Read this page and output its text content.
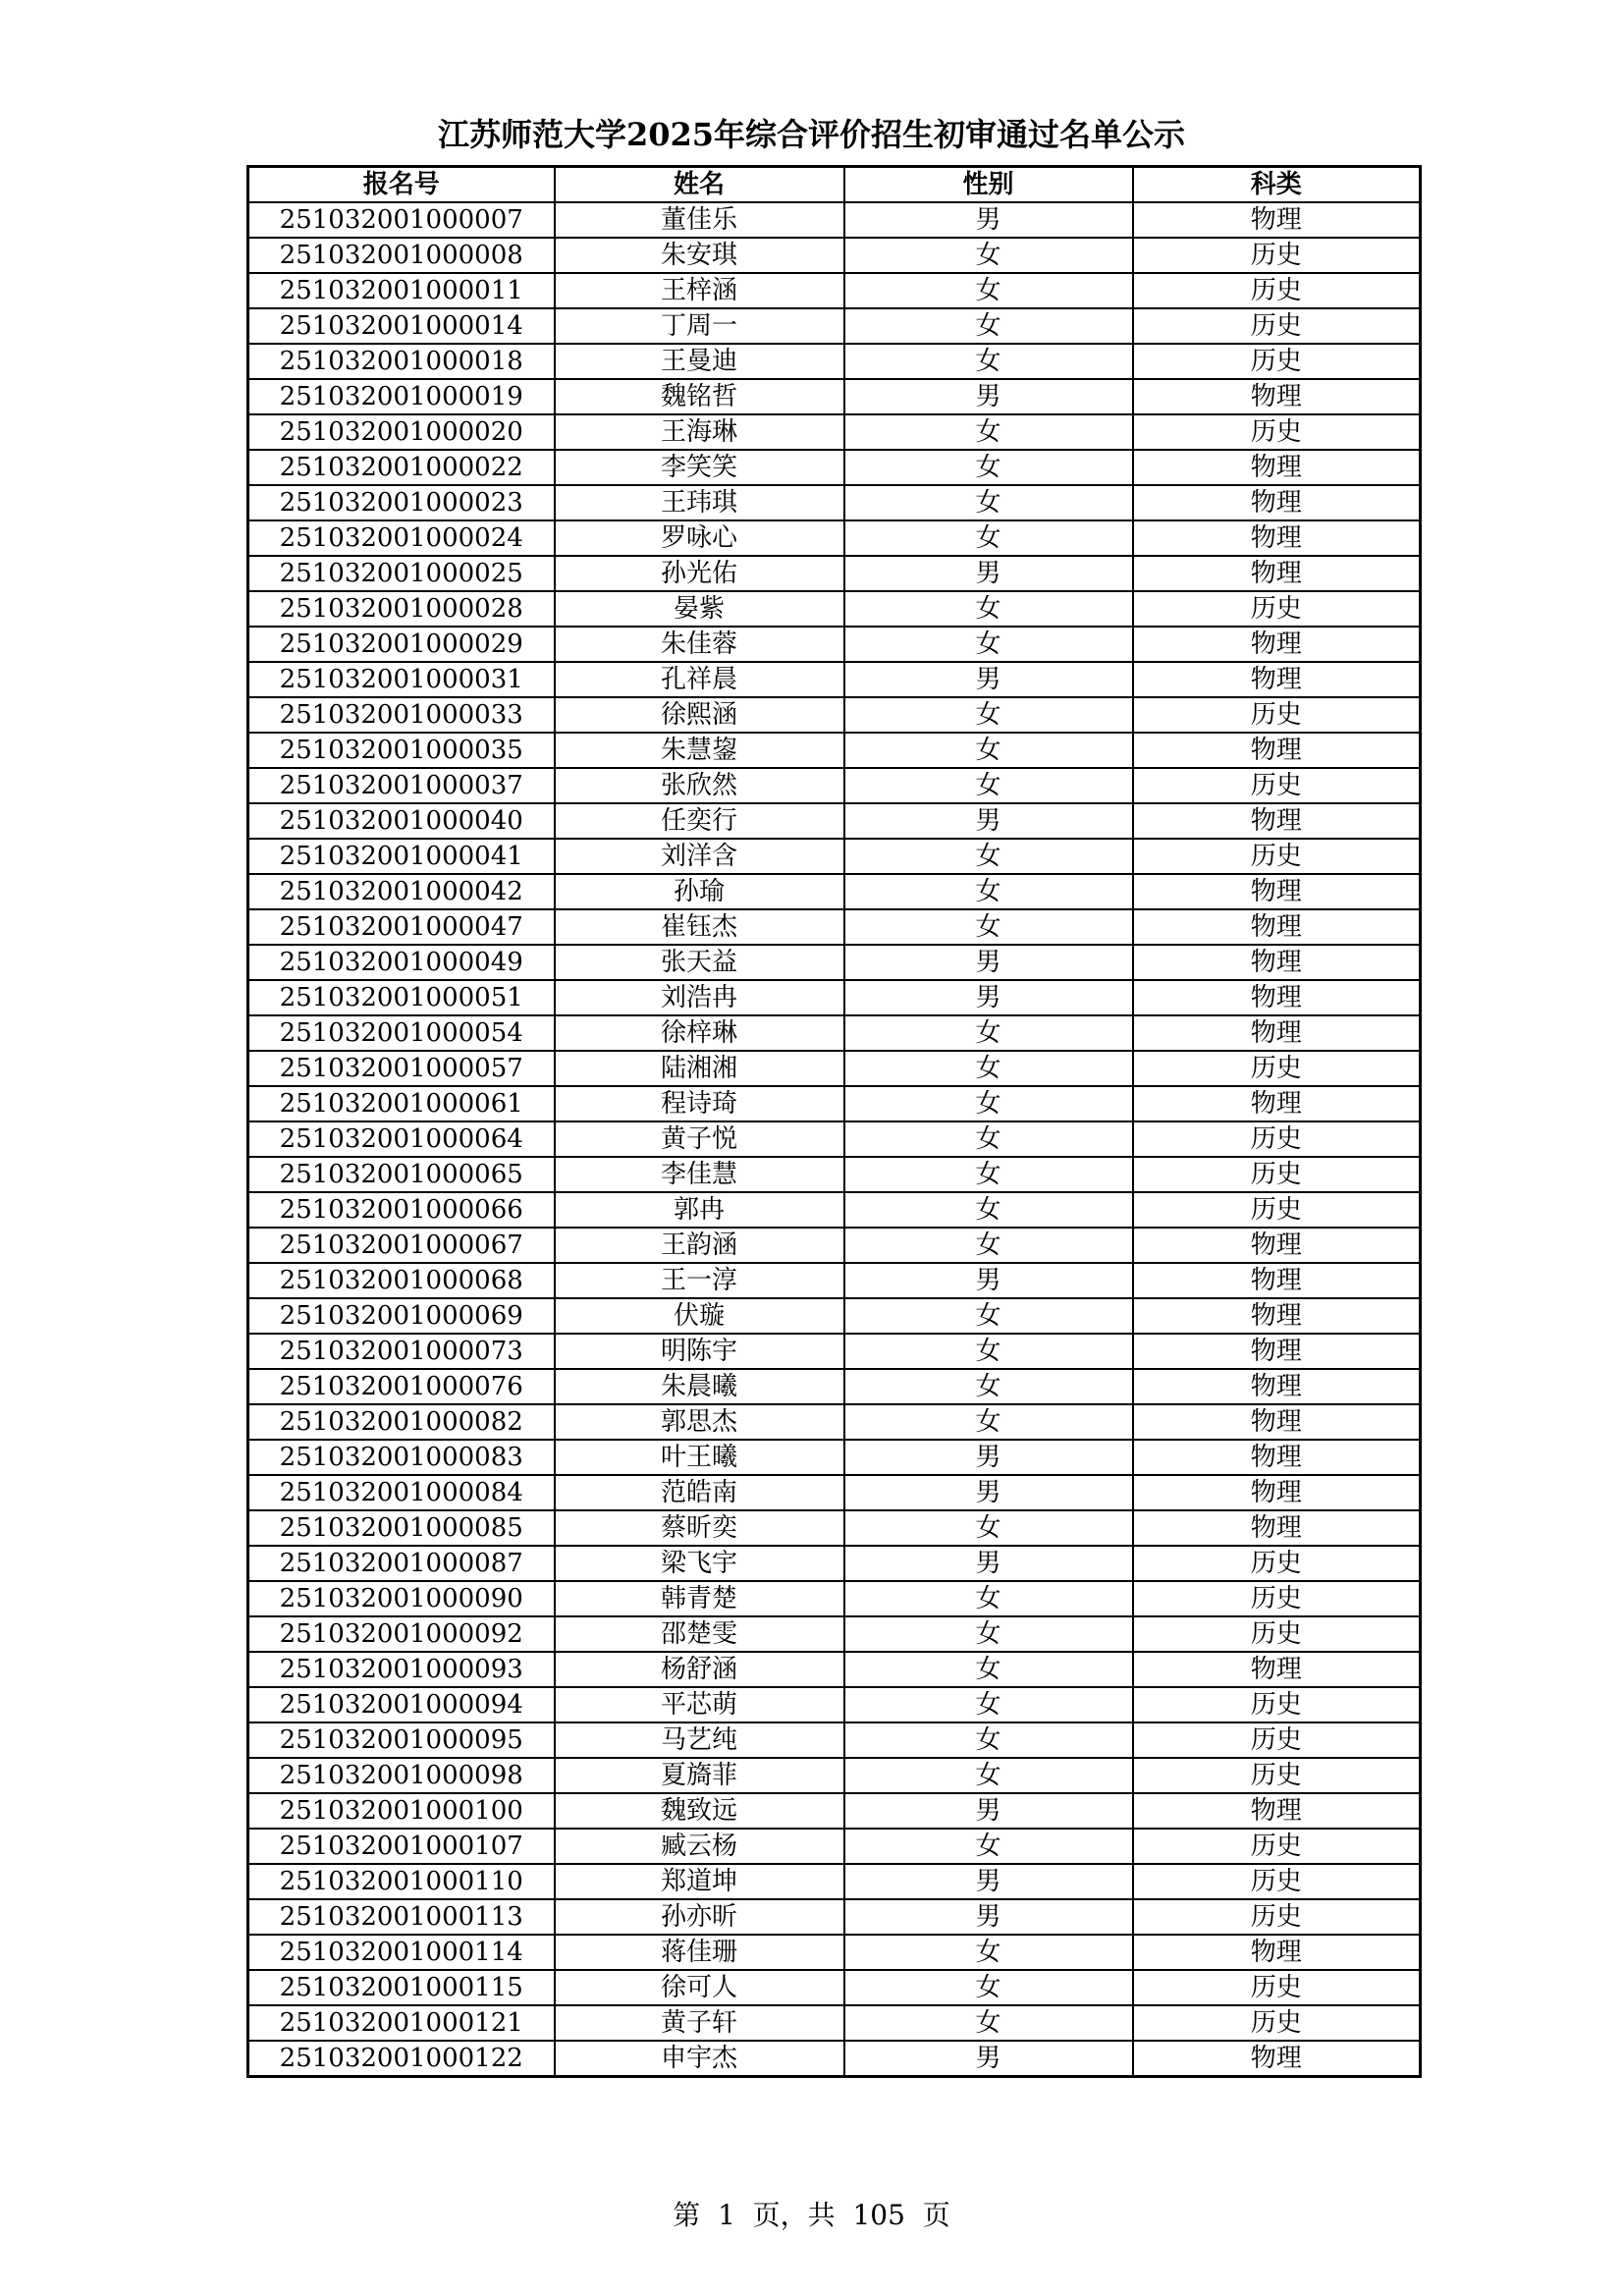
江苏师范大学2025年综合评价招生初审通过名单公示
报名号	姓名	性别	科类
251032001000007	董佳乐	男	物理
251032001000008	朱安琪	女	历史
251032001000011	王梓涵	女	历史
251032001000014	丁周一	女	历史
251032001000018	王曼迪	女	历史
251032001000019	魏铭哲	男	物理
251032001000020	王海琳	女	历史
251032001000022	李笑笑	女	物理
251032001000023	王玮琪	女	物理
251032001000024	罗咏心	女	物理
251032001000025	孙光佑	男	物理
251032001000028	晏紫	女	历史
251032001000029	朱佳蓉	女	物理
251032001000031	孔祥晨	男	物理
251032001000033	徐熙涵	女	历史
251032001000035	朱慧鋆	女	物理
251032001000037	张欣然	女	历史
251032001000040	任奕行	男	物理
251032001000041	刘洋含	女	历史
251032001000042	孙瑜	女	物理
251032001000047	崔钰杰	女	物理
251032001000049	张天益	男	物理
251032001000051	刘浩冉	男	物理
251032001000054	徐梓琳	女	物理
251032001000057	陆湘湘	女	历史
251032001000061	程诗琦	女	物理
251032001000064	黄子悦	女	历史
251032001000065	李佳慧	女	历史
251032001000066	郭冉	女	历史
251032001000067	王韵涵	女	物理
251032001000068	王一淳	男	物理
251032001000069	伏璇	女	物理
251032001000073	明陈宇	女	物理
251032001000076	朱晨曦	女	物理
251032001000082	郭思杰	女	物理
251032001000083	叶王曦	男	物理
251032001000084	范皓南	男	物理
251032001000085	蔡昕奕	女	物理
251032001000087	梁飞宇	男	历史
251032001000090	韩青楚	女	历史
251032001000092	邵楚雯	女	历史
251032001000093	杨舒涵	女	物理
251032001000094	平芯萌	女	历史
251032001000095	马艺纯	女	历史
251032001000098	夏旖菲	女	历史
251032001000100	魏致远	男	物理
251032001000107	臧云杨	女	历史
251032001000110	郑道坤	男	历史
251032001000113	孙亦昕	男	历史
251032001000114	蒋佳珊	女	物理
251032001000115	徐可人	女	历史
251032001000121	黄子轩	女	历史
251032001000122	申宇杰	男	物理
第  1  页，共  105  页
